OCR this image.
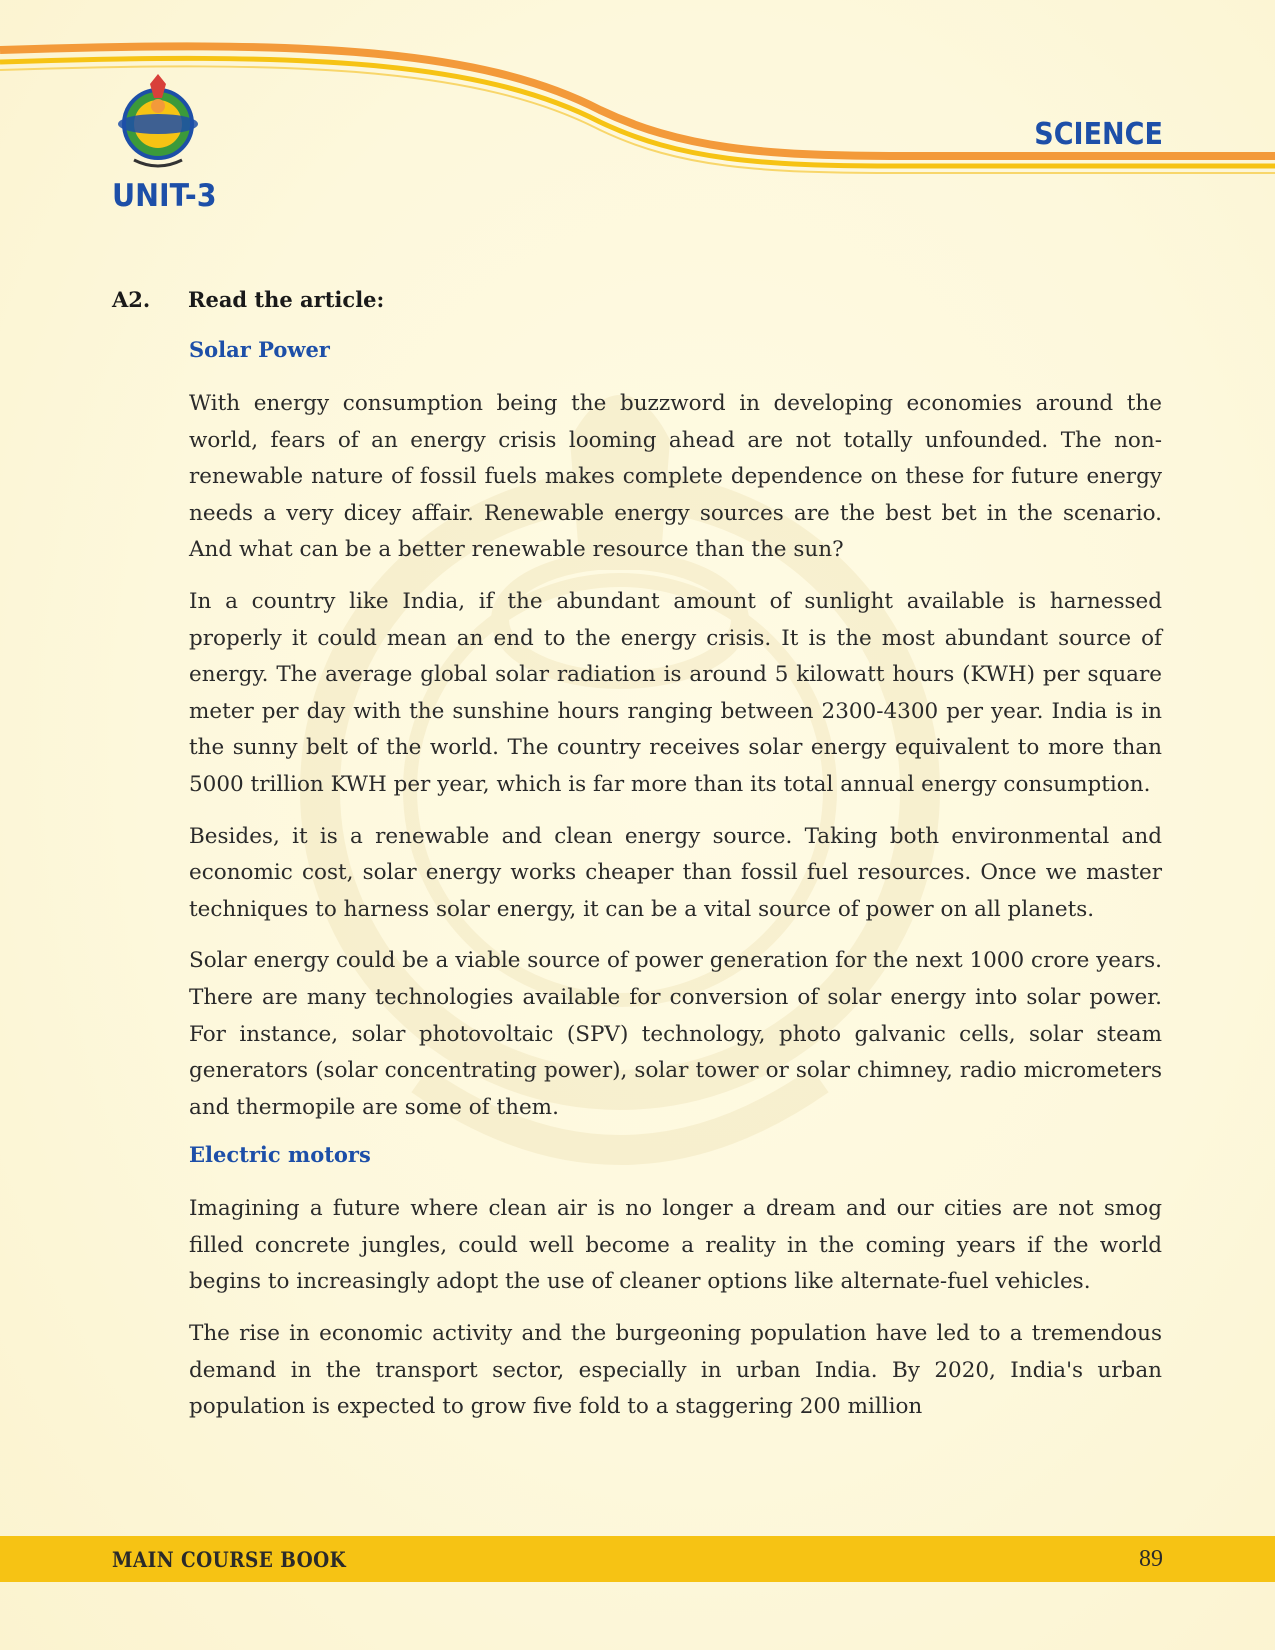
UNIT-3
SCIENCE
A2. Read the article:
Solar Power

With energy consumption being the buzzword in developing economies around the world, fears of an energy crisis looming ahead are not totally unfounded. The non-renewable nature of fossil fuels makes complete dependence on these for future energy needs a very dicey affair. Renewable energy sources are the best bet in the scenario. And what can be a better renewable resource than the sun?

In a country like India, if the abundant amount of sunlight available is harnessed properly it could mean an end to the energy crisis. It is the most abundant source of energy. The average global solar radiation is around 5 kilowatt hours (KWH) per square meter per day with the sunshine hours ranging between 2300-4300 per year. India is in the sunny belt of the world. The country receives solar energy equivalent to more than 5000 trillion KWH per year, which is far more than its total annual energy consumption.

Besides, it is a renewable and clean energy source. Taking both environmental and economic cost, solar energy works cheaper than fossil fuel resources. Once we master techniques to harness solar energy, it can be a vital source of power on all planets.

Solar energy could be a viable source of power generation for the next 1000 crore years. There are many technologies available for conversion of solar energy into solar power. For instance, solar photovoltaic (SPV) technology, photo galvanic cells, solar steam generators (solar concentrating power), solar tower or solar chimney, radio micrometers and thermopile are some of them.

Electric motors

Imagining a future where clean air is no longer a dream and our cities are not smog filled concrete jungles, could well become a reality in the coming years if the world begins to increasingly adopt the use of cleaner options like alternate-fuel vehicles.

The rise in economic activity and the burgeoning population have led to a tremendous demand in the transport sector, especially in urban India. By 2020, India's urban population is expected to grow five fold to a staggering 200 million

MAIN COURSE BOOK	89
